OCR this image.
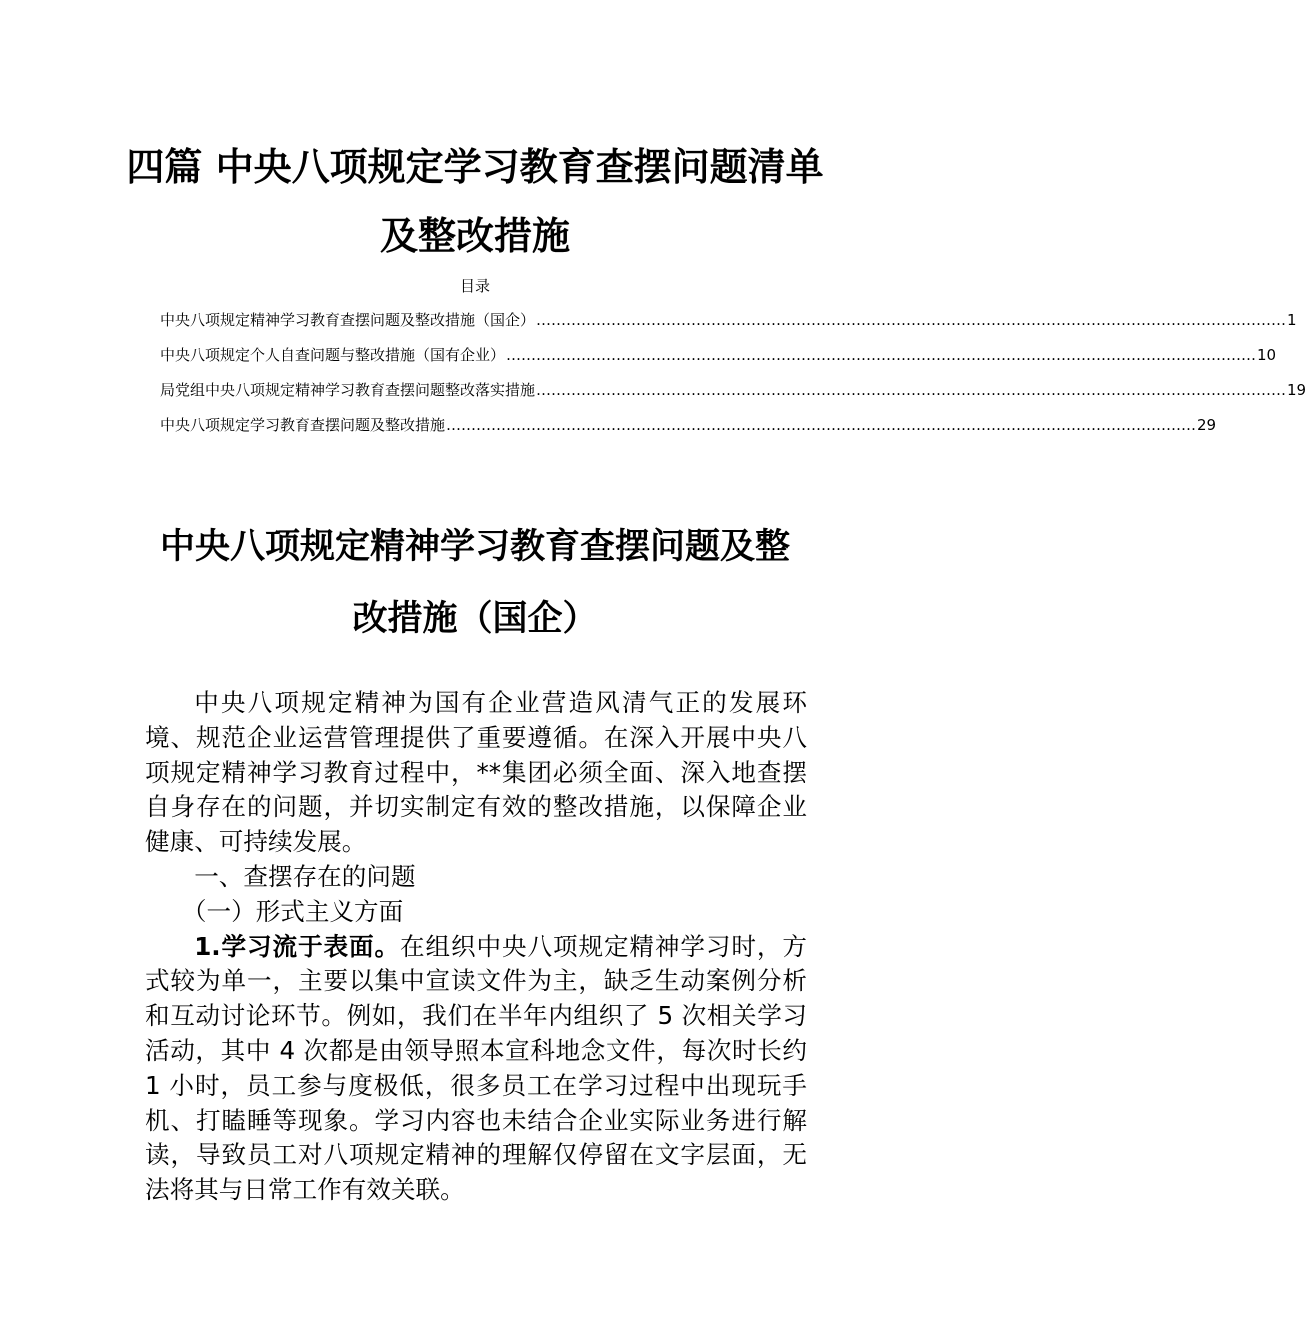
四篇 中央八项规定学习教育查摆问题清单
及整改措施
目录
中央八项规定精神学习教育查摆问题及整改措施（国企） …………………………………………………………………………………………………………………………………… 1
中央八项规定个人自查问题与整改措施（国有企业） …………………………………………………………………………………………………………………………………… 10
局党组中央八项规定精神学习教育查摆问题整改落实措施 …………………………………………………………………………………………………………………………………… 19
中央八项规定学习教育查摆问题及整改措施 …………………………………………………………………………………………………………………………………… 29
中央八项规定精神学习教育查摆问题及整
改措施（国企）

中央八项规定精神为国有企业营造风清气正的发展环境、规范企业运营管理提供了重要遵循。在深入开展中央八项规定精神学习教育过程中，**集团必须全面、深入地查摆自身存在的问题，并切实制定有效的整改措施，以保障企业健康、可持续发展。

一、查摆存在的问题

（一）形式主义方面

1.学习流于表面。在组织中央八项规定精神学习时，方式较为单一，主要以集中宣读文件为主，缺乏生动案例分析和互动讨论环节。例如，我们在半年内组织了 5 次相关学习活动，其中 4 次都是由领导照本宣科地念文件，每次时长约 1 小时，员工参与度极低，很多员工在学习过程中出现玩手机、打瞌睡等现象。学习内容也未结合企业实际业务进行解读，导致员工对八项规定精神的理解仅停留在文字层面，无法将其与日常工作有效关联。
